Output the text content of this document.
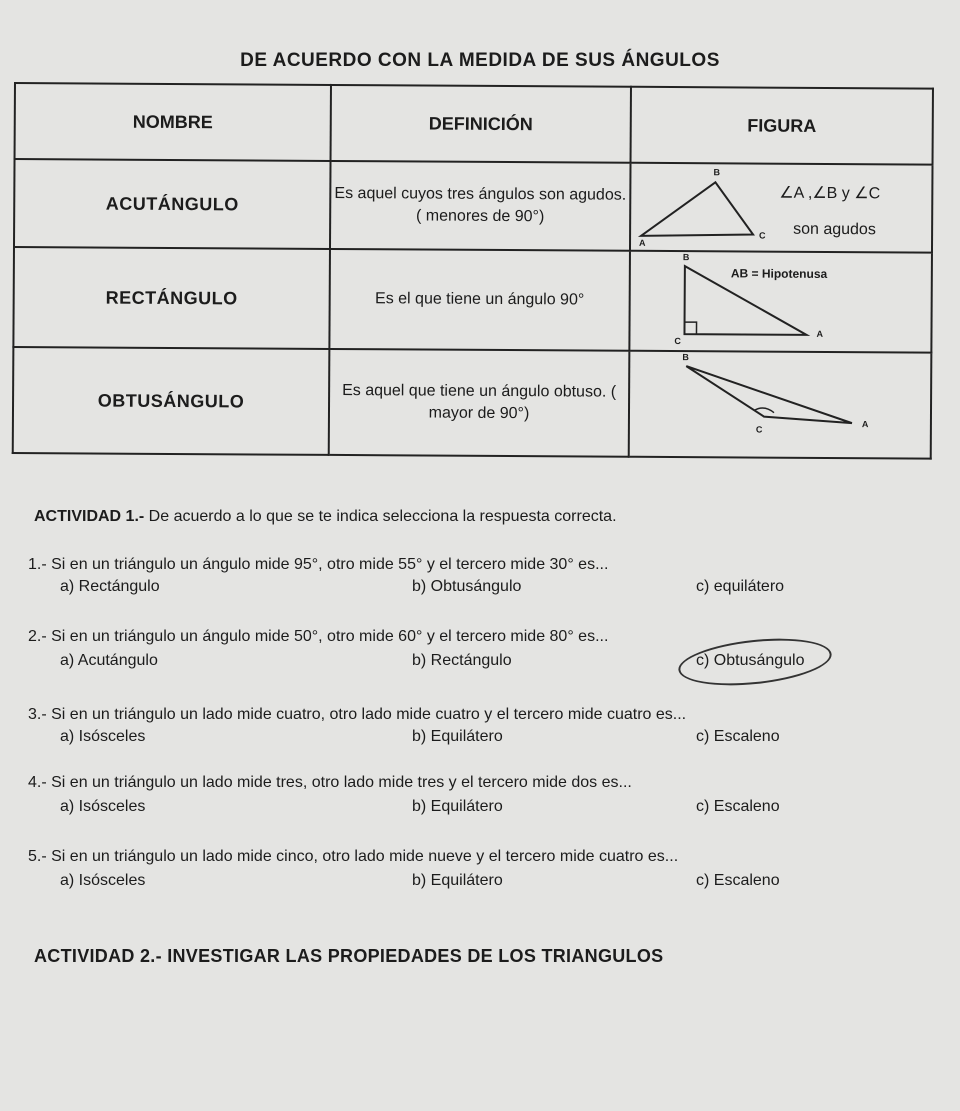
DE ACUERDO CON LA MEDIDA DE SUS ÁNGULOS
NOMBRE	DEFINICIÓN	FIGURA
ACUTÁNGULO	Es aquel cuyos tres ángulos son agudos. ( menores de 90°)	B
A
C
∠A ,∠B y ∠C
son agudos

RECTÁNGULO	Es el que tiene un ángulo 90°	B
C
A
AB = Hipotenusa

OBTUSÁNGULO	Es aquel que tiene un ángulo obtuso. ( mayor de 90°)	B
C
A
ACTIVIDAD 1.- De acuerdo a lo que se te indica selecciona la respuesta correcta.
1.- Si en un triángulo un ángulo mide 95°, otro mide 55° y el tercero mide 30° es...
a) Rectángulo	b) Obtusángulo	c) equilátero
2.- Si en un triángulo un ángulo mide 50°, otro mide 60° y el tercero mide 80° es...
a) Acutángulo	b) Rectángulo	c) Obtusángulo
3.- Si en un triángulo un lado mide cuatro, otro lado mide cuatro y el tercero mide cuatro es...
a) Isósceles	b) Equilátero	c) Escaleno
4.- Si en un triángulo un lado mide tres, otro lado mide tres y el tercero mide dos es...
a) Isósceles	b) Equilátero	c) Escaleno
5.- Si en un triángulo un lado mide cinco, otro lado mide nueve y el tercero mide cuatro es...
a) Isósceles	b) Equilátero	c) Escaleno
ACTIVIDAD 2.- INVESTIGAR LAS PROPIEDADES DE LOS TRIANGULOS
